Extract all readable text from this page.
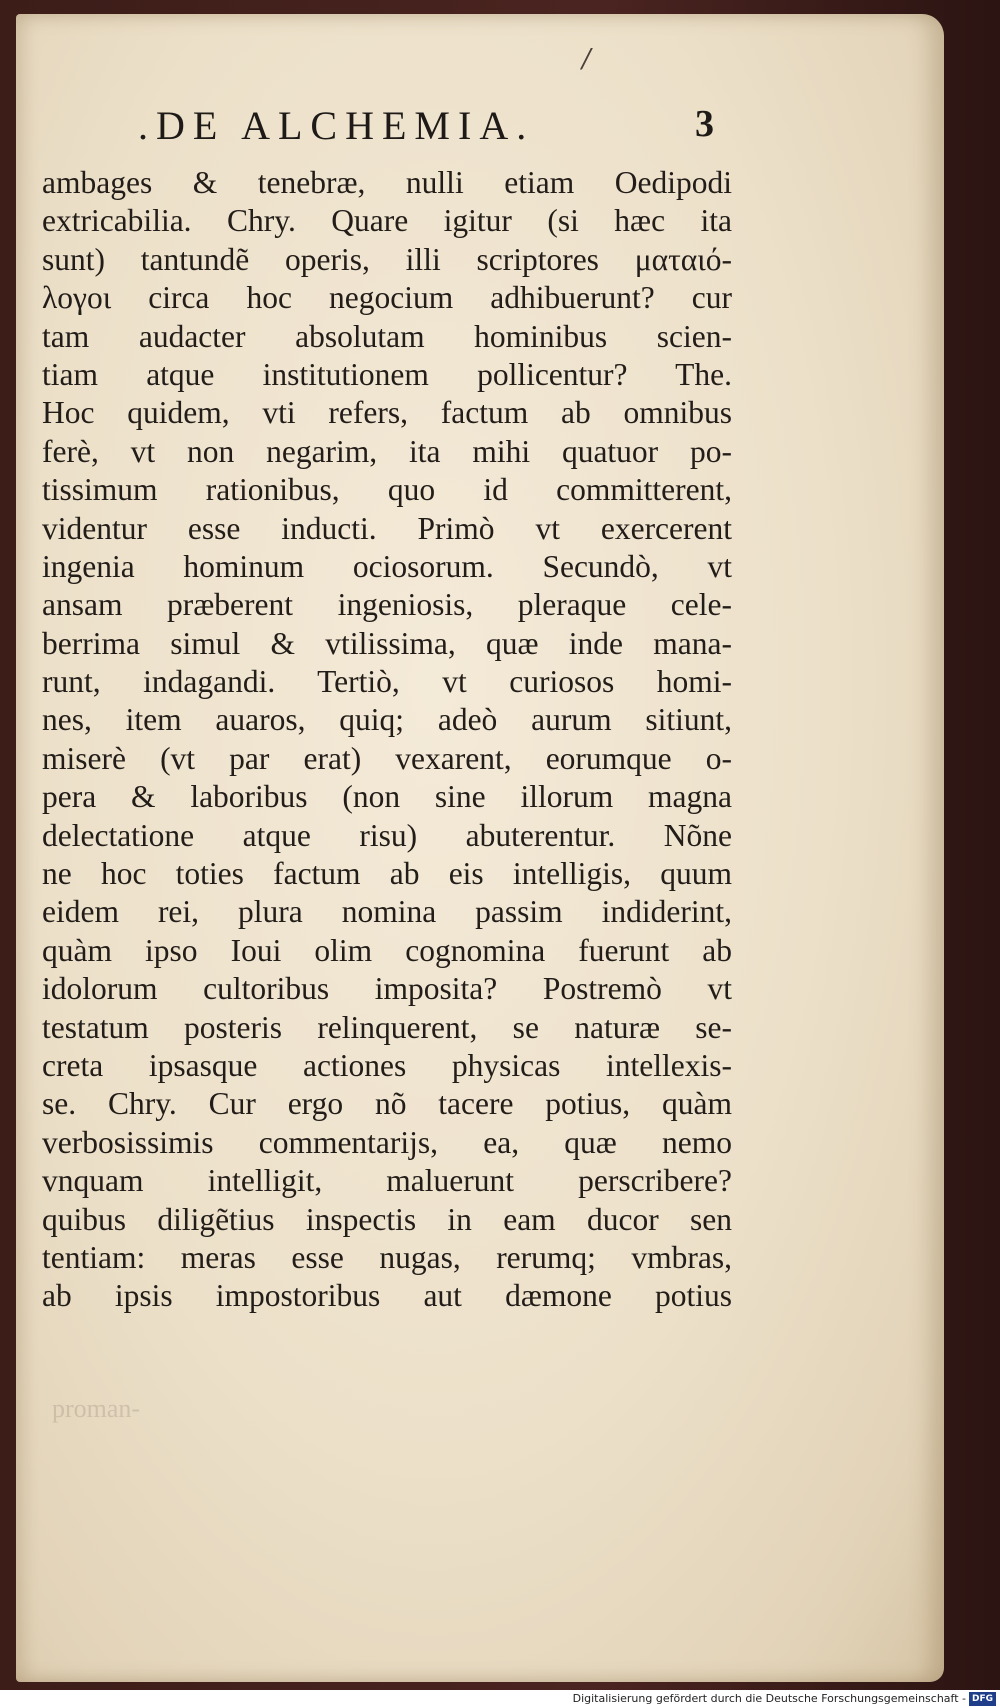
/
.DE ALCHEMIA.	3
ambages & tenebræ, nulli etiam Oedipodi
extricabilia. Chry. Quare igitur (si hæc ita
sunt) tantundẽ operis, illi scriptores ματαιό-
λογοι circa hoc negocium adhibuerunt? cur
tam audacter absolutam hominibus scien-
tiam atque institutionem pollicentur? The.
Hoc quidem, vti refers, factum ab omnibus
ferè, vt non negarim, ita mihi quatuor po-
tissimum rationibus, quo id committerent,
videntur esse inducti. Primò vt exercerent
ingenia hominum ociosorum. Secundò, vt
ansam præberent ingeniosis, pleraque cele-
berrima simul & vtilissima, quæ inde mana-
runt, indagandi. Tertiò, vt curiosos homi-
nes, item auaros, quiq; adeò aurum sitiunt,
miserè (vt par erat) vexarent, eorumque o-
pera & laboribus (non sine illorum magna
delectatione atque risu) abuterentur. Nõne
ne hoc toties factum ab eis intelligis, quum
eidem rei, plura nomina passim indiderint,
quàm ipso Ioui olim cognomina fuerunt ab
idolorum cultoribus imposita? Postremò vt
testatum posteris relinquerent, se naturæ se-
creta ipsasque actiones physicas intellexis-
se. Chry. Cur ergo nõ tacere potius, quàm
verbosissimis commentarijs, ea, quæ nemo
vnquam intelligit, maluerunt perscribere?
quibus diligẽtius inspectis in eam ducor sen
tentiam: meras esse nugas, rerumq; vmbras,
ab ipsis impostoribus aut dæmone potius
proman-
Digitalisierung gefördert durch die Deutsche Forschungsgemeinschaft - DFG
